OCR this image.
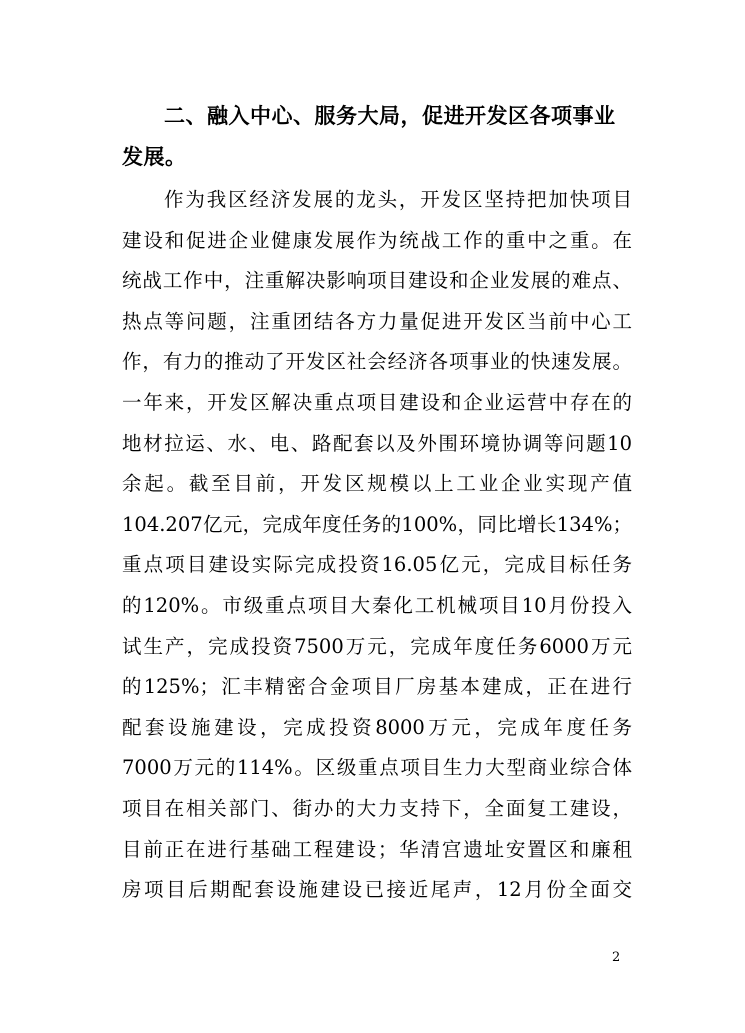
二、融入中心、服务大局，促进开发区各项事业发展。

作为我区经济发展的龙头，开发区坚持把加快项目
建设和促进企业健康发展作为统战工作的重中之重。在
统战工作中，注重解决影响项目建设和企业发展的难点、
热点等问题，注重团结各方力量促进开发区当前中心工
作，有力的推动了开发区社会经济各项事业的快速发展。
一年来，开发区解决重点项目建设和企业运营中存在的
地材拉运、水、电、路配套以及外围环境协调等问题10
余起。截至目前，开发区规模以上工业企业实现产值
104.207亿元，完成年度任务的100%，同比增长134%；
重点项目建设实际完成投资16.05亿元，完成目标任务
的120%。市级重点项目大秦化工机械项目10月份投入
试生产，完成投资7500万元，完成年度任务6000万元
的125%；汇丰精密合金项目厂房基本建成，正在进行
配套设施建设，完成投资8000万元，完成年度任务
7000万元的114%。区级重点项目生力大型商业综合体
项目在相关部门、街办的大力支持下，全面复工建设，
目前正在进行基础工程建设；华清宫遗址安置区和廉租
房项目后期配套设施建设已接近尾声，12月份全面交
2
